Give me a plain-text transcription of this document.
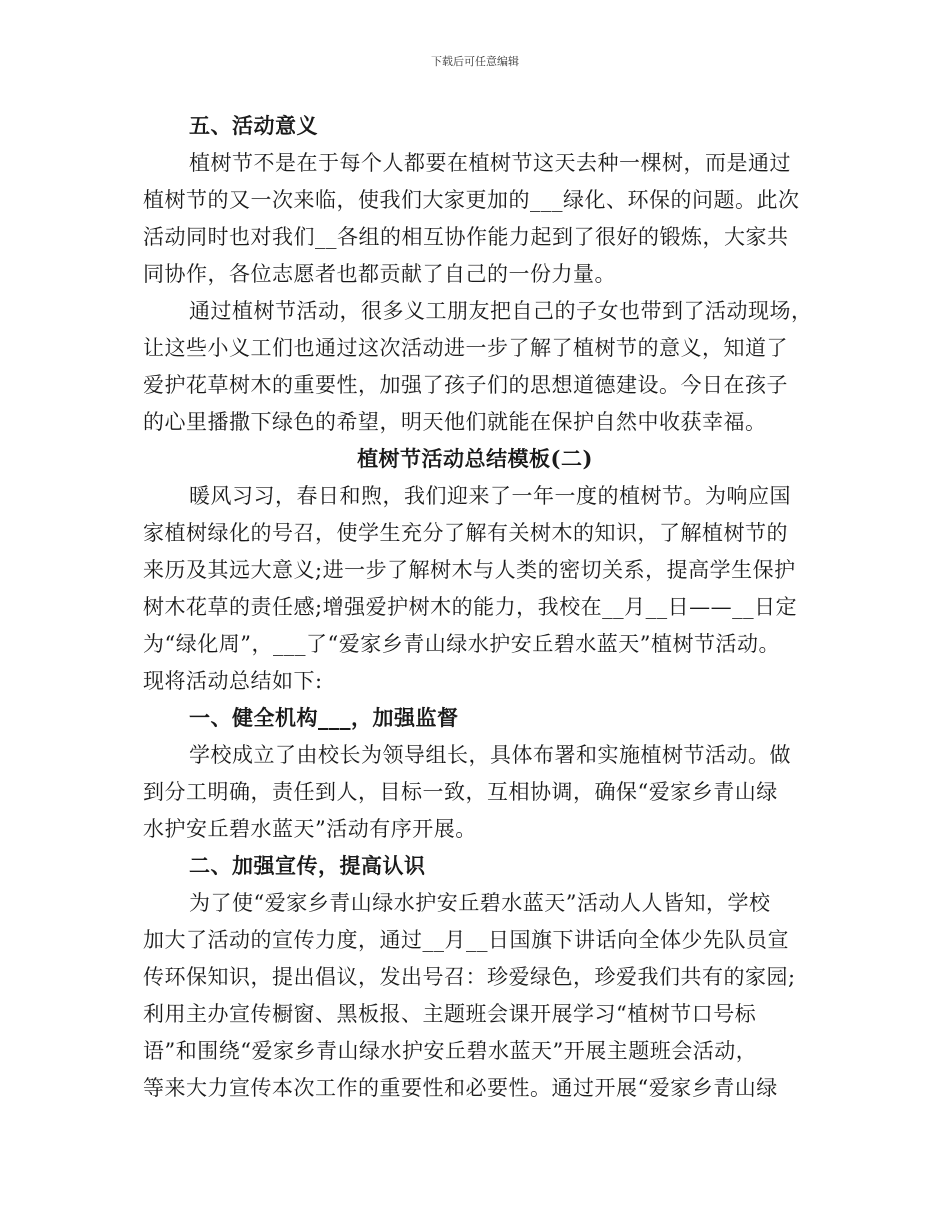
下载后可任意编辑
五、活动意义
植树节不是在于每个人都要在植树节这天去种一棵树，而是通过
植树节的又一次来临，使我们大家更加的___绿化、环保的问题。此次
活动同时也对我们__各组的相互协作能力起到了很好的锻炼，大家共
同协作，各位志愿者也都贡献了自己的一份力量。
通过植树节活动，很多义工朋友把自己的子女也带到了活动现场，
让这些小义工们也通过这次活动进一步了解了植树节的意义，知道了
爱护花草树木的重要性，加强了孩子们的思想道德建设。今日在孩子
的心里播撒下绿色的希望，明天他们就能在保护自然中收获幸福。
植树节活动总结模板(二)
暖风习习，春日和煦，我们迎来了一年一度的植树节。为响应国
家植树绿化的号召，使学生充分了解有关树木的知识，了解植树节的
来历及其远大意义;进一步了解树木与人类的密切关系，提高学生保护
树木花草的责任感;增强爱护树木的能力，我校在__月__日——__日定
为“绿化周”，___了“爱家乡青山绿水护安丘碧水蓝天”植树节活动。
现将活动总结如下:
一、健全机构___，加强监督
学校成立了由校长为领导组长，具体布署和实施植树节活动。做
到分工明确，责任到人，目标一致，互相协调，确保“爱家乡青山绿
水护安丘碧水蓝天”活动有序开展。
二、加强宣传，提高认识
为了使“爱家乡青山绿水护安丘碧水蓝天”活动人人皆知，学校
加大了活动的宣传力度，通过__月__日国旗下讲话向全体少先队员宣
传环保知识，提出倡议，发出号召：珍爱绿色，珍爱我们共有的家园;
利用主办宣传橱窗、黑板报、主题班会课开展学习“植树节口号标
语”和围绕“爱家乡青山绿水护安丘碧水蓝天”开展主题班会活动，
等来大力宣传本次工作的重要性和必要性。通过开展“爱家乡青山绿
